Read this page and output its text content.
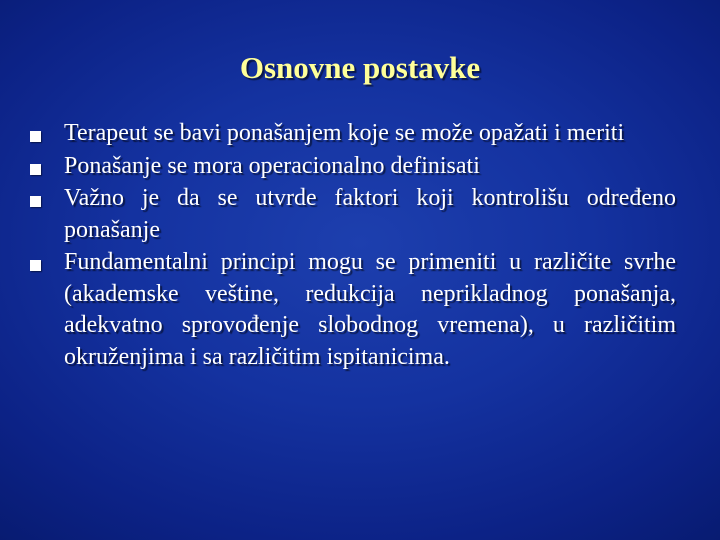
Osnovne postavke
Terapeut se bavi ponašanjem koje se može opažati i meriti
Ponašanje se mora operacionalno definisati
Važno je da se utvrde faktori koji kontrolišu određeno ponašanje
Fundamentalni principi mogu se primeniti u različite svrhe (akademske veštine, redukcija neprikladnog ponašanja, adekvatno sprovođenje slobodnog vremena), u različitim okruženjima i sa različitim ispitanicima.
